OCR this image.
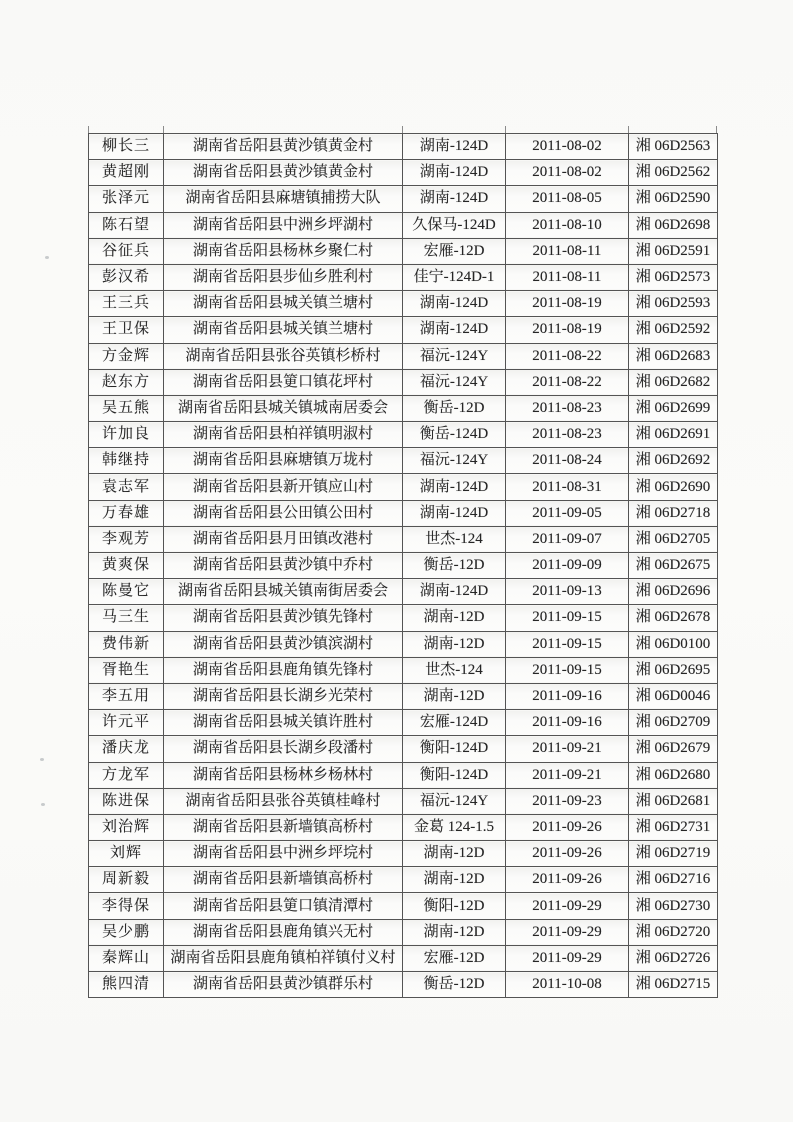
柳长三	湖南省岳阳县黄沙镇黄金村	湖南-124D	2011-08-02	湘 06D2563
黄超刚	湖南省岳阳县黄沙镇黄金村	湖南-124D	2011-08-02	湘 06D2562
张泽元	湖南省岳阳县麻塘镇捕捞大队	湖南-124D	2011-08-05	湘 06D2590
陈石望	湖南省岳阳县中洲乡坪湖村	久保马-124D	2011-08-10	湘 06D2698
谷征兵	湖南省岳阳县杨林乡聚仁村	宏雁-12D	2011-08-11	湘 06D2591
彭汉希	湖南省岳阳县步仙乡胜利村	佳宁-124D-1	2011-08-11	湘 06D2573
王三兵	湖南省岳阳县城关镇兰塘村	湖南-124D	2011-08-19	湘 06D2593
王卫保	湖南省岳阳县城关镇兰塘村	湖南-124D	2011-08-19	湘 06D2592
方金辉	湖南省岳阳县张谷英镇杉桥村	福沅-124Y	2011-08-22	湘 06D2683
赵东方	湖南省岳阳县筻口镇花坪村	福沅-124Y	2011-08-22	湘 06D2682
吴五熊	湖南省岳阳县城关镇城南居委会	衡岳-12D	2011-08-23	湘 06D2699
许加良	湖南省岳阳县柏祥镇明淑村	衡岳-124D	2011-08-23	湘 06D2691
韩继持	湖南省岳阳县麻塘镇万垅村	福沅-124Y	2011-08-24	湘 06D2692
袁志军	湖南省岳阳县新开镇应山村	湖南-124D	2011-08-31	湘 06D2690
万春雄	湖南省岳阳县公田镇公田村	湖南-124D	2011-09-05	湘 06D2718
李观芳	湖南省岳阳县月田镇改港村	世杰-124	2011-09-07	湘 06D2705
黄爽保	湖南省岳阳县黄沙镇中乔村	衡岳-12D	2011-09-09	湘 06D2675
陈曼它	湖南省岳阳县城关镇南街居委会	湖南-124D	2011-09-13	湘 06D2696
马三生	湖南省岳阳县黄沙镇先锋村	湖南-12D	2011-09-15	湘 06D2678
费伟新	湖南省岳阳县黄沙镇滨湖村	湖南-12D	2011-09-15	湘 06D0100
胥艳生	湖南省岳阳县鹿角镇先锋村	世杰-124	2011-09-15	湘 06D2695
李五用	湖南省岳阳县长湖乡光荣村	湖南-12D	2011-09-16	湘 06D0046
许元平	湖南省岳阳县城关镇许胜村	宏雁-124D	2011-09-16	湘 06D2709
潘庆龙	湖南省岳阳县长湖乡段潘村	衡阳-124D	2011-09-21	湘 06D2679
方龙军	湖南省岳阳县杨林乡杨林村	衡阳-124D	2011-09-21	湘 06D2680
陈进保	湖南省岳阳县张谷英镇桂峰村	福沅-124Y	2011-09-23	湘 06D2681
刘治辉	湖南省岳阳县新墙镇高桥村	金葛 124-1.5	2011-09-26	湘 06D2731
刘辉	湖南省岳阳县中洲乡坪垸村	湖南-12D	2011-09-26	湘 06D2719
周新毅	湖南省岳阳县新墙镇高桥村	湖南-12D	2011-09-26	湘 06D2716
李得保	湖南省岳阳县筻口镇清潭村	衡阳-12D	2011-09-29	湘 06D2730
吴少鹏	湖南省岳阳县鹿角镇兴无村	湖南-12D	2011-09-29	湘 06D2720
秦辉山	湖南省岳阳县鹿角镇柏祥镇付义村	宏雁-12D	2011-09-29	湘 06D2726
熊四清	湖南省岳阳县黄沙镇群乐村	衡岳-12D	2011-10-08	湘 06D2715
